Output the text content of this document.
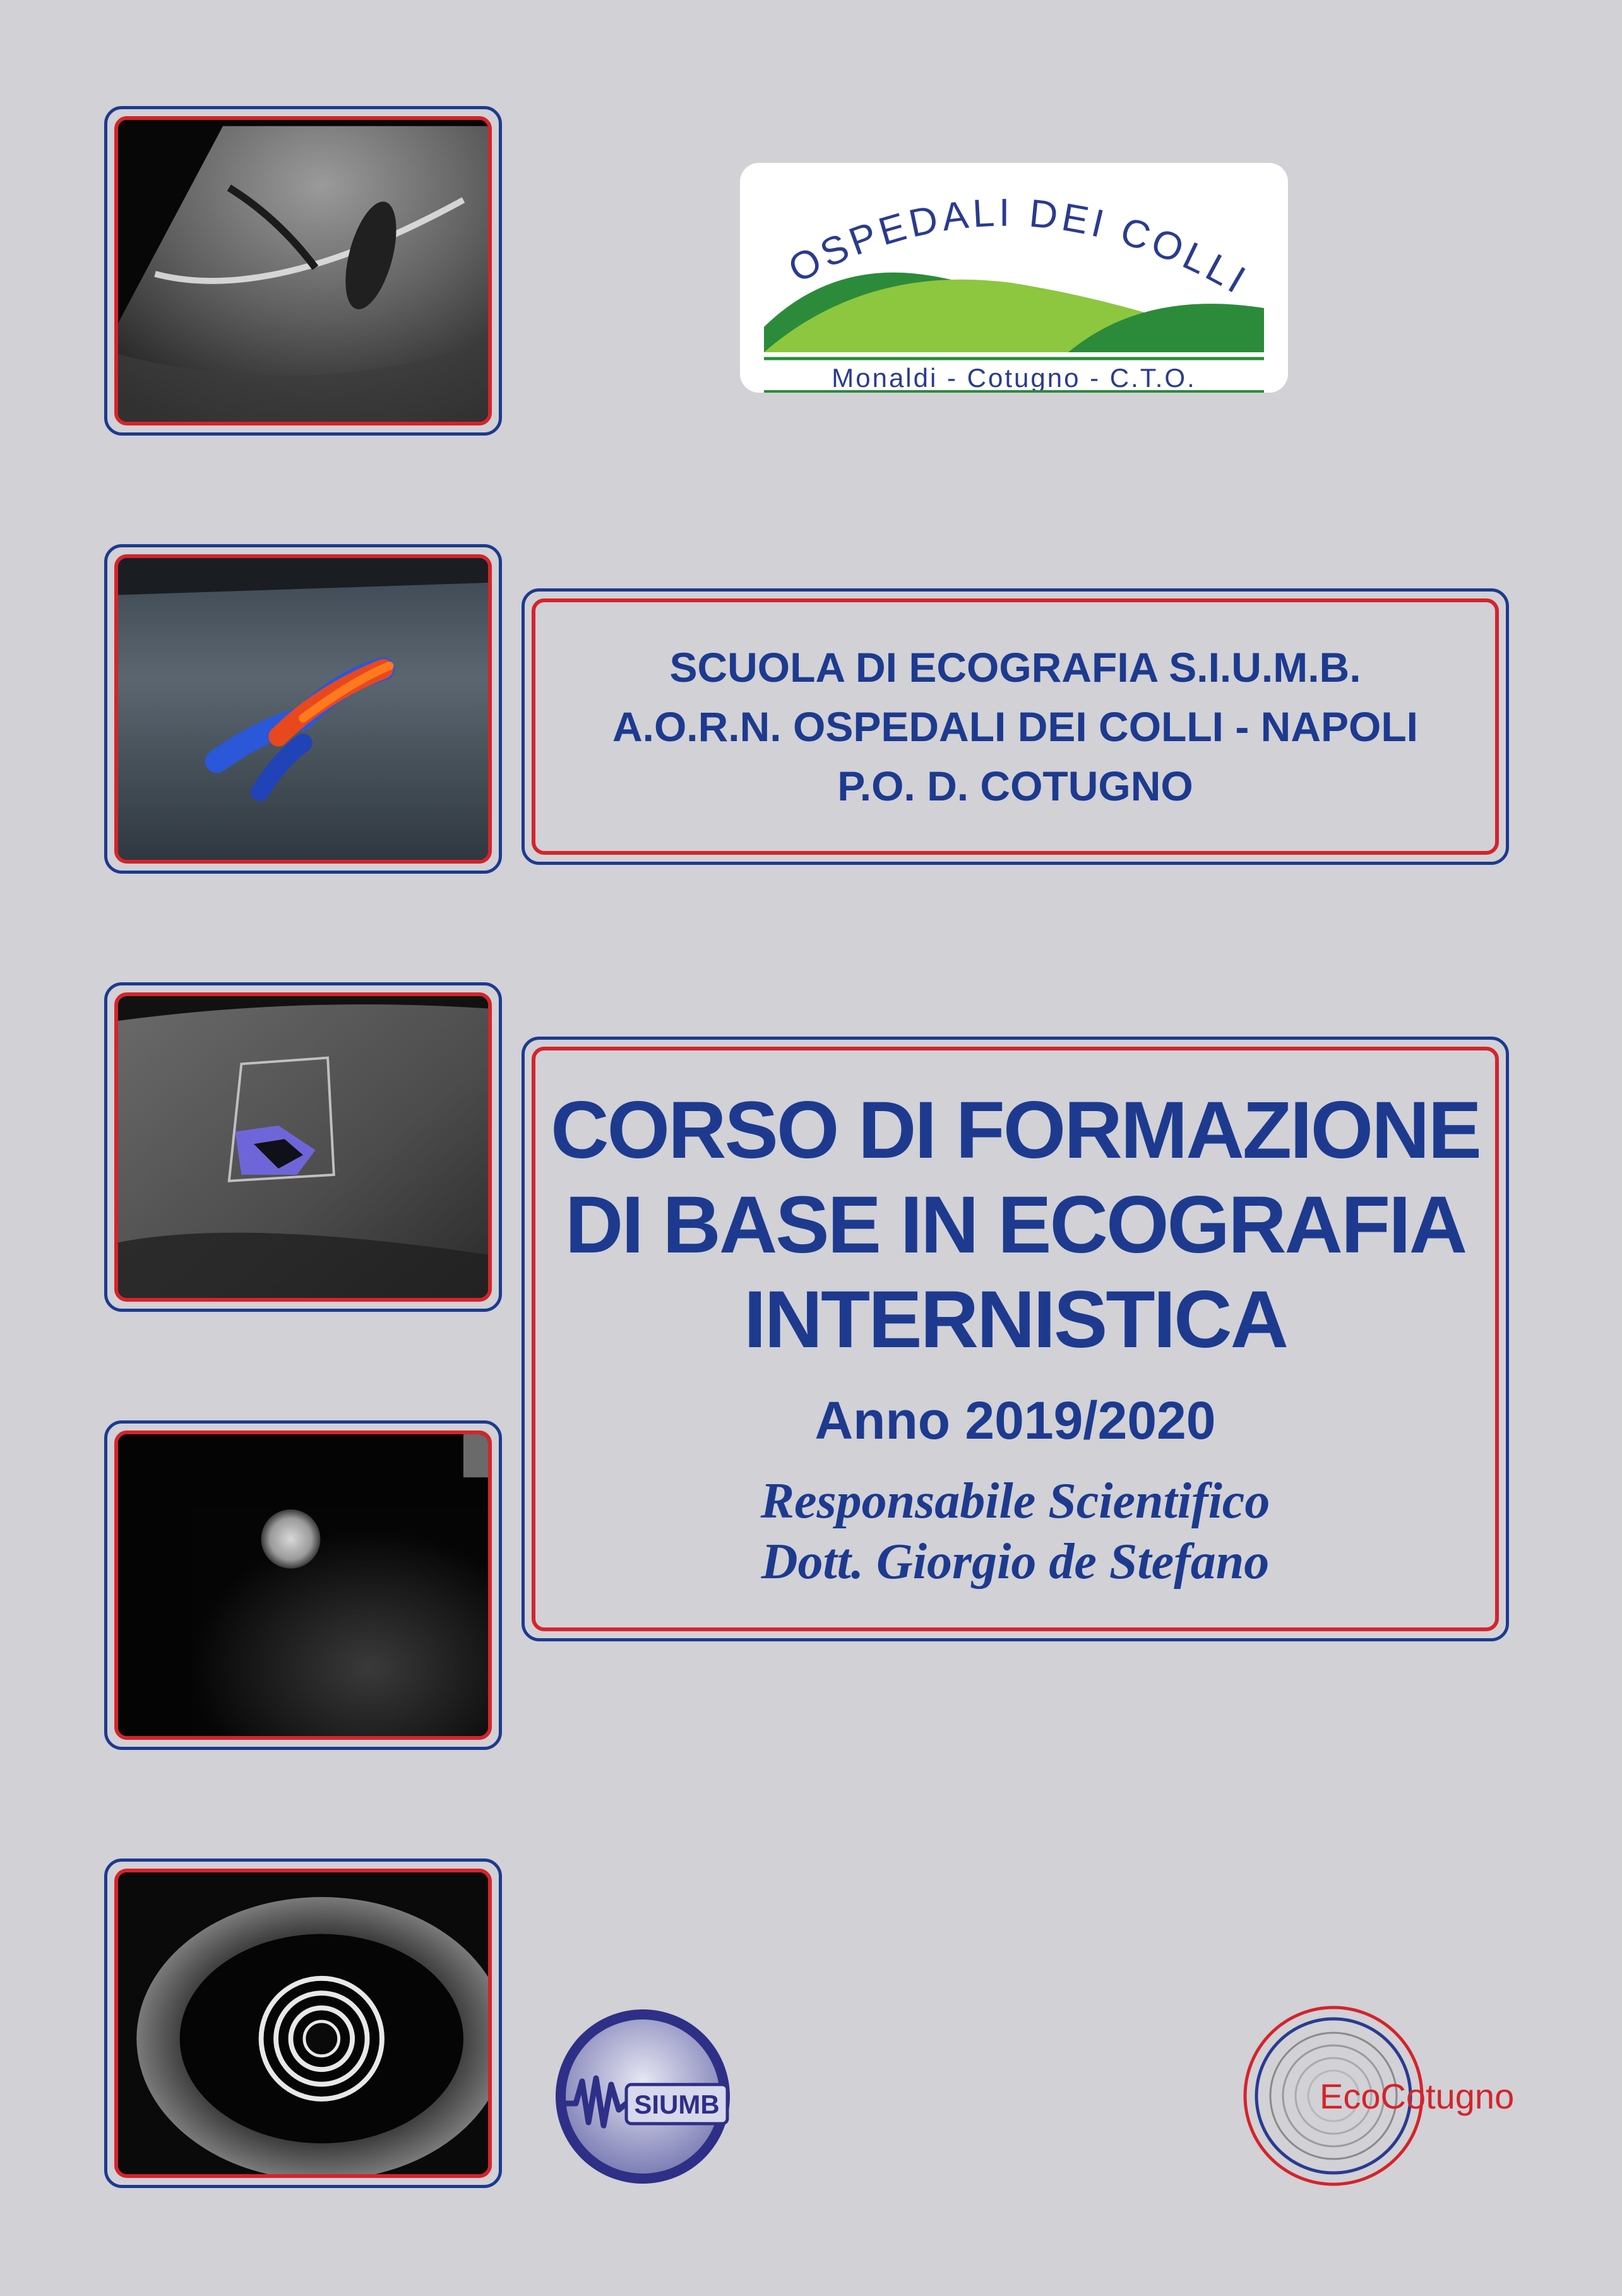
OSPEDALI DEI COLLI
Monaldi - Cotugno - C.T.O.
SCUOLA DI ECOGRAFIA S.I.U.M.B.
A.O.R.N. OSPEDALI DEI COLLI - NAPOLI
P.O. D. COTUGNO
CORSO DI FORMAZIONE
DI BASE IN ECOGRAFIA
INTERNISTICA
Anno 2019/2020
Responsabile Scientifico
Dott. Giorgio de Stefano
SIUMB	EcoCotugno
